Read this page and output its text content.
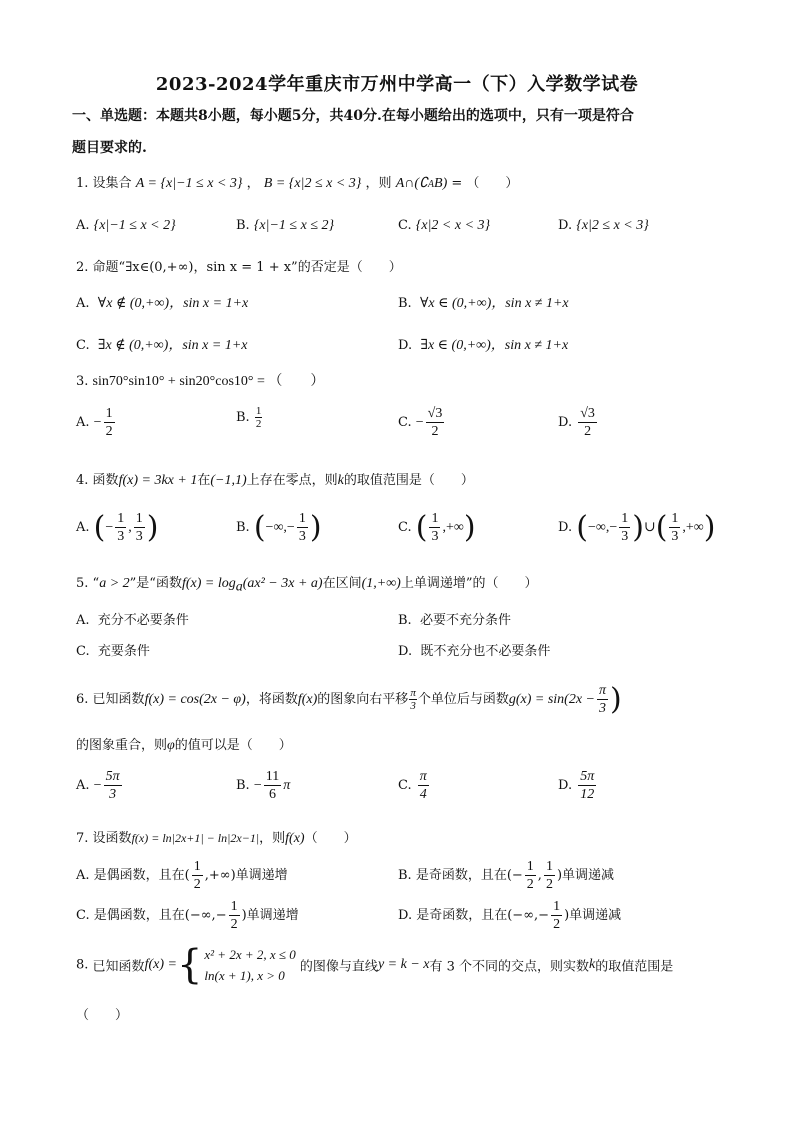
2023-2024学年重庆市万州中学高一（下）入学数学试卷
一、单选题：本题共8小题，每小题5分，共40分.在每小题给出的选项中，只有一项是符合
题目要求的.
1. 设集合 A = {x|−1 ≤ x < 3} ， B = {x|2 ≤ x < 3} ，则 A∩(∁AB) = （　　）
A. {x|−1 ≤ x < 2}	B. {x|−1 ≤ x ≤ 2}	C. {x|2 < x < 3}	D. {x|2 ≤ x < 3}
2. 命题“∃x∈(0,+∞)，sin x = 1 + x”的否定是（　　）
A. ∀x ∉ (0,+∞)，sin x = 1+x	B. ∀x ∈ (0,+∞)，sin x ≠ 1+x
C. ∃x ∉ (0,+∞)，sin x = 1+x	D. ∃x ∈ (0,+∞)，sin x ≠ 1+x
3. sin70°sin10° + sin20°cos10° = （　　）
A. − $\frac{1}{2}$	B. $\frac{1}{2}$	C. − $\frac{√3}{2}$	D. $\frac{√3}{2}$
4. 函数f(x) = 3kx + 1在(−1,1)上存在零点，则k的取值范围是（　　）
A. (− $\frac{1}{3}$ , $\frac{1}{3}$ )	B. (−∞,− $\frac{1}{3}$ )	C. ( $\frac{1}{3}$ ,+∞)	D. (−∞,− $\frac{1}{3}$ )∪( $\frac{1}{3}$ ,+∞)
5. “a > 2”是“函数$f(x) = \log_a(ax^2 - 3x + a)$在区间(1,+∞)上单调递增”的（　　）
A. 充分不必要条件	B. 必要不充分条件
C. 充要条件	D. 既不充分也不必要条件
6. 已知函数f(x) = cos(2x − φ)，将函数f(x)的图象向右平移 $\frac{\pi}{3}$ 个单位后与函数$g(x) = \sin(2x - \frac{\pi}{3}$ )
的图象重合，则φ的值可以是（　　）
A. − $\frac{5\pi}{3}$	B. − $\frac{11}{6}$ π	C. $\frac{\pi}{4}$	D. $\frac{5\pi}{12}$
7. 设函数f(x) = ln|2x+1| − ln|2x−1|，则f(x)（　　）
A. 是偶函数，且在( $\frac{1}{2}$ ,+∞)单调递增	B. 是奇函数，且在(− $\frac{1}{2}$ , $\frac{1}{2}$ )单调递减
C. 是偶函数，且在(−∞,− $\frac{1}{2}$ )单调递增	D. 是奇函数，且在(−∞,− $\frac{1}{2}$ )单调递减
8. 已知函数f(x) ={ x² + 2x + 2, x ≤ 0
ln(x + 1), x > 0
的图像与直线y = k − x有 3 个不同的交点，则实数k的取值范围是
（　　）
